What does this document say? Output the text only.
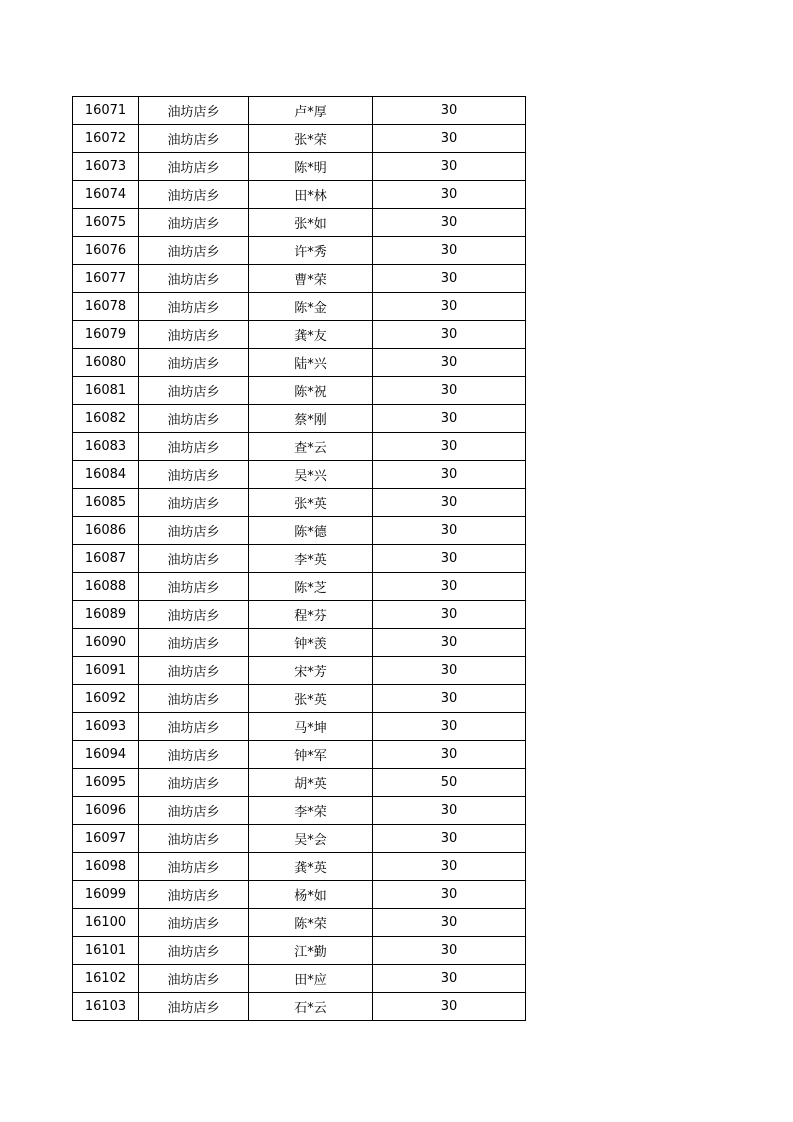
16071	油坊店乡	卢*厚	30
16072	油坊店乡	张*荣	30
16073	油坊店乡	陈*明	30
16074	油坊店乡	田*林	30
16075	油坊店乡	张*如	30
16076	油坊店乡	许*秀	30
16077	油坊店乡	曹*荣	30
16078	油坊店乡	陈*金	30
16079	油坊店乡	龚*友	30
16080	油坊店乡	陆*兴	30
16081	油坊店乡	陈*祝	30
16082	油坊店乡	蔡*刚	30
16083	油坊店乡	查*云	30
16084	油坊店乡	吴*兴	30
16085	油坊店乡	张*英	30
16086	油坊店乡	陈*德	30
16087	油坊店乡	李*英	30
16088	油坊店乡	陈*芝	30
16089	油坊店乡	程*芬	30
16090	油坊店乡	钟*羡	30
16091	油坊店乡	宋*芳	30
16092	油坊店乡	张*英	30
16093	油坊店乡	马*坤	30
16094	油坊店乡	钟*军	30
16095	油坊店乡	胡*英	50
16096	油坊店乡	李*荣	30
16097	油坊店乡	吴*会	30
16098	油坊店乡	龚*英	30
16099	油坊店乡	杨*如	30
16100	油坊店乡	陈*荣	30
16101	油坊店乡	江*勤	30
16102	油坊店乡	田*应	30
16103	油坊店乡	石*云	30
